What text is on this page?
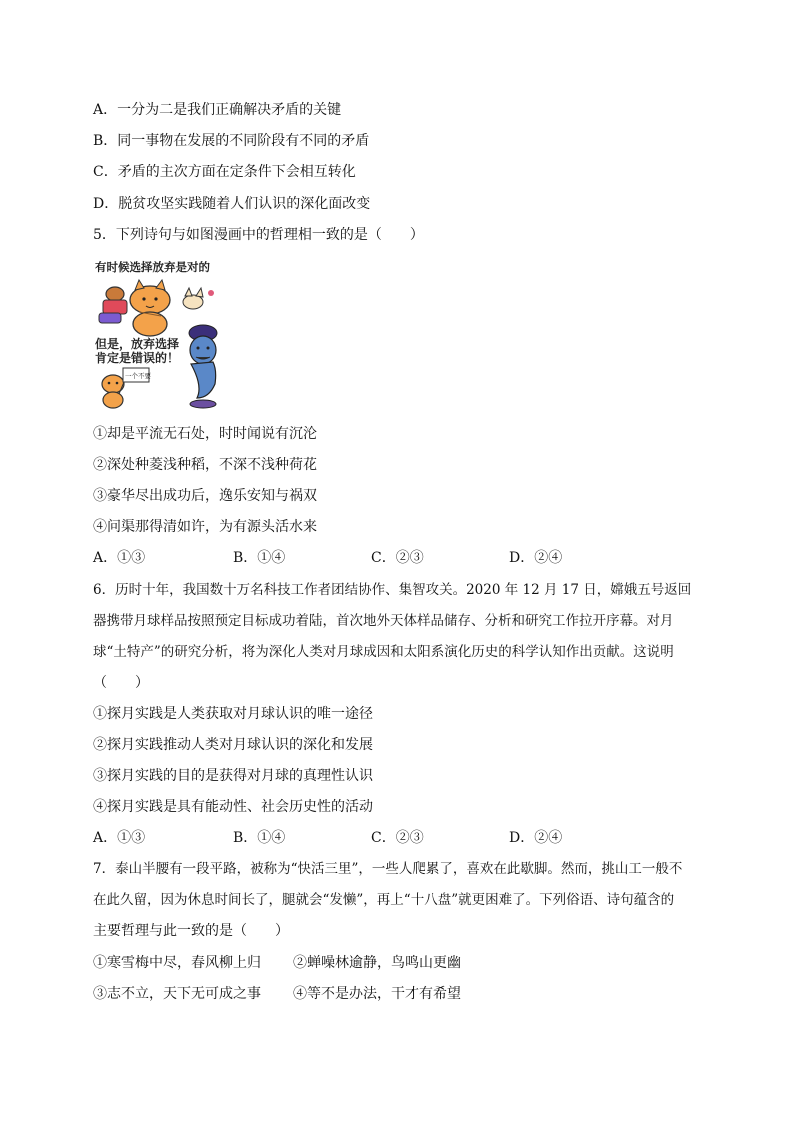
A．一分为二是我们正确解决矛盾的关键
B．同一事物在发展的不同阶段有不同的矛盾
C．矛盾的主次方面在定条件下会相互转化
D．脱贫攻坚实践随着人们认识的深化面改变
5．下列诗句与如图漫画中的哲理相一致的是（　　）
有时候选择放弃是对的
但是，放弃选择
肯定是错误的！
一个不要
①却是平流无石处，时时闻说有沉沦
②深处种菱浅种稻，不深不浅种荷花
③豪华尽出成功后，逸乐安知与祸双
④问渠那得清如许，为有源头活水来
A．①③	B．①④	C．②③	D．②④
6．历时十年，我国数十万名科技工作者团结协作、集智攻关。2020 年 12 月 17 日，嫦娥五号返回
器携带月球样品按照预定目标成功着陆，首次地外天体样品储存、分析和研究工作拉开序幕。对月
球“土特产”的研究分析，将为深化人类对月球成因和太阳系演化历史的科学认知作出贡献。这说明
（　　）
①探月实践是人类获取对月球认识的唯一途径
②探月实践推动人类对月球认识的深化和发展
③探月实践的目的是获得对月球的真理性认识
④探月实践是具有能动性、社会历史性的活动
A．①③	B．①④	C．②③	D．②④
7．泰山半腰有一段平路，被称为“快活三里”，一些人爬累了，喜欢在此歇脚。然而，挑山工一般不
在此久留，因为休息时间长了，腿就会“发懒”，再上“十八盘”就更困难了。下列俗语、诗句蕴含的
主要哲理与此一致的是（　　）
①寒雪梅中尽，春风柳上归 ②蝉噪林逾静，鸟鸣山更幽
③志不立，天下无可成之事 ④等不是办法，干才有希望
